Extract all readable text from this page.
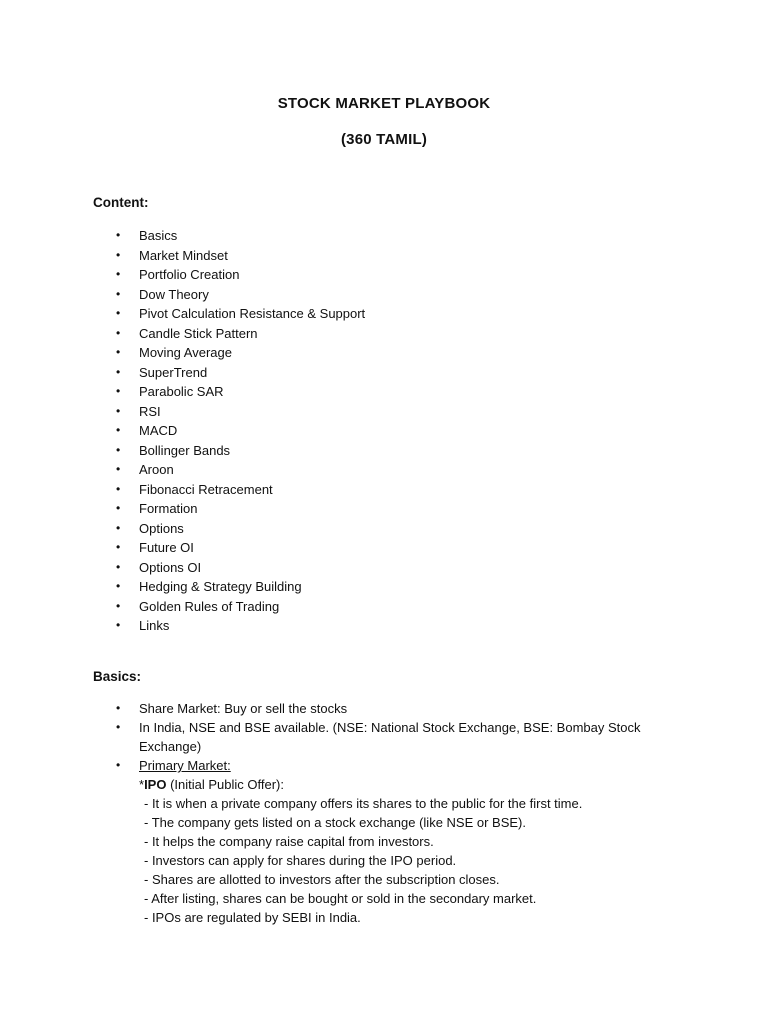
STOCK MARKET PLAYBOOK
(360 TAMIL)
Content:
• Basics
• Market Mindset
• Portfolio Creation
• Dow Theory
• Pivot Calculation Resistance & Support
• Candle Stick Pattern
• Moving Average
• SuperTrend
• Parabolic SAR
• RSI
• MACD
• Bollinger Bands
• Aroon
• Fibonacci Retracement
• Formation
• Options
• Future OI
• Options OI
• Hedging & Strategy Building
• Golden Rules of Trading
• Links
Basics:
• Share Market: Buy or sell the stocks
• In India, NSE and BSE available. (NSE: National Stock Exchange, BSE: Bombay Stock
Exchange)
• Primary Market:
*IPO (Initial Public Offer):
- It is when a private company offers its shares to the public for the first time.
- The company gets listed on a stock exchange (like NSE or BSE).
- It helps the company raise capital from investors.
- Investors can apply for shares during the IPO period.
- Shares are allotted to investors after the subscription closes.
- After listing, shares can be bought or sold in the secondary market.
- IPOs are regulated by SEBI in India.
